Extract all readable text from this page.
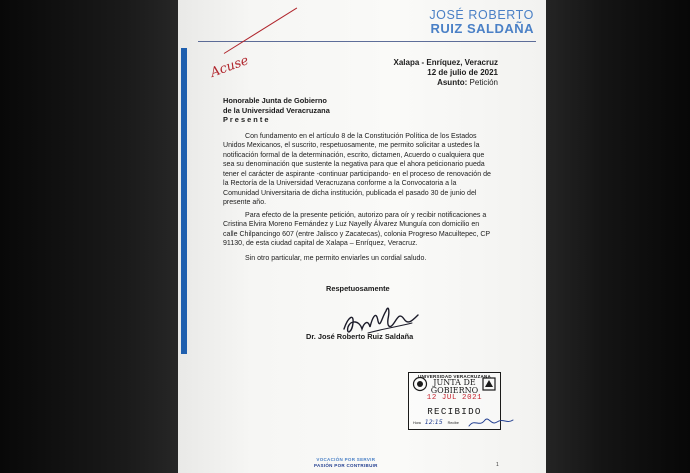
JOSÉ ROBERTO
RUIZ SALDAÑA
Xalapa - Enríquez, Veracruz
12 de julio de 2021
Asunto: Petición
Acuse
Honorable Junta de Gobierno
de la Universidad Veracruzana
P r e s e n t e

Con fundamento en el artículo 8 de la Constitución Política de los Estados Unidos Mexicanos, el suscrito, respetuosamente, me permito solicitar a ustedes la notificación formal de la determinación, escrito, dictamen, Acuerdo o cualquiera que sea su denominación que sustente la negativa para que el ahora peticionario pueda tener el carácter de aspirante -continuar participando- en el proceso de renovación de la Rectoría de la Universidad Veracruzana conforme a la Convocatoria a la Comunidad Universitaria de dicha institución, publicada el pasado 30 de junio del presente año.

Para efecto de la presente petición, autorizo para oír y recibir notificaciones a Cristina Elvira Moreno Fernández y Luz Nayelly Álvarez Munguía con domicilio en calle Chilpancingo 607 (entre Jalisco y Zacatecas), colonia Progreso Macuiltepec, CP 91130, de esta ciudad capital de Xalapa – Enríquez, Veracruz.

Sin otro particular, me permito enviarles un cordial saludo.

Respetuosamente
Dr. José Roberto Ruiz Saldaña
UNIVERSIDAD VERACRUZANA
JUNTA DE
GOBIERNO
12 JUL 2021
RECIBIDO
Hora 12:15 Recibe
VOCACIÓN POR SERVIR
PASIÓN POR CONTRIBUIR	1
